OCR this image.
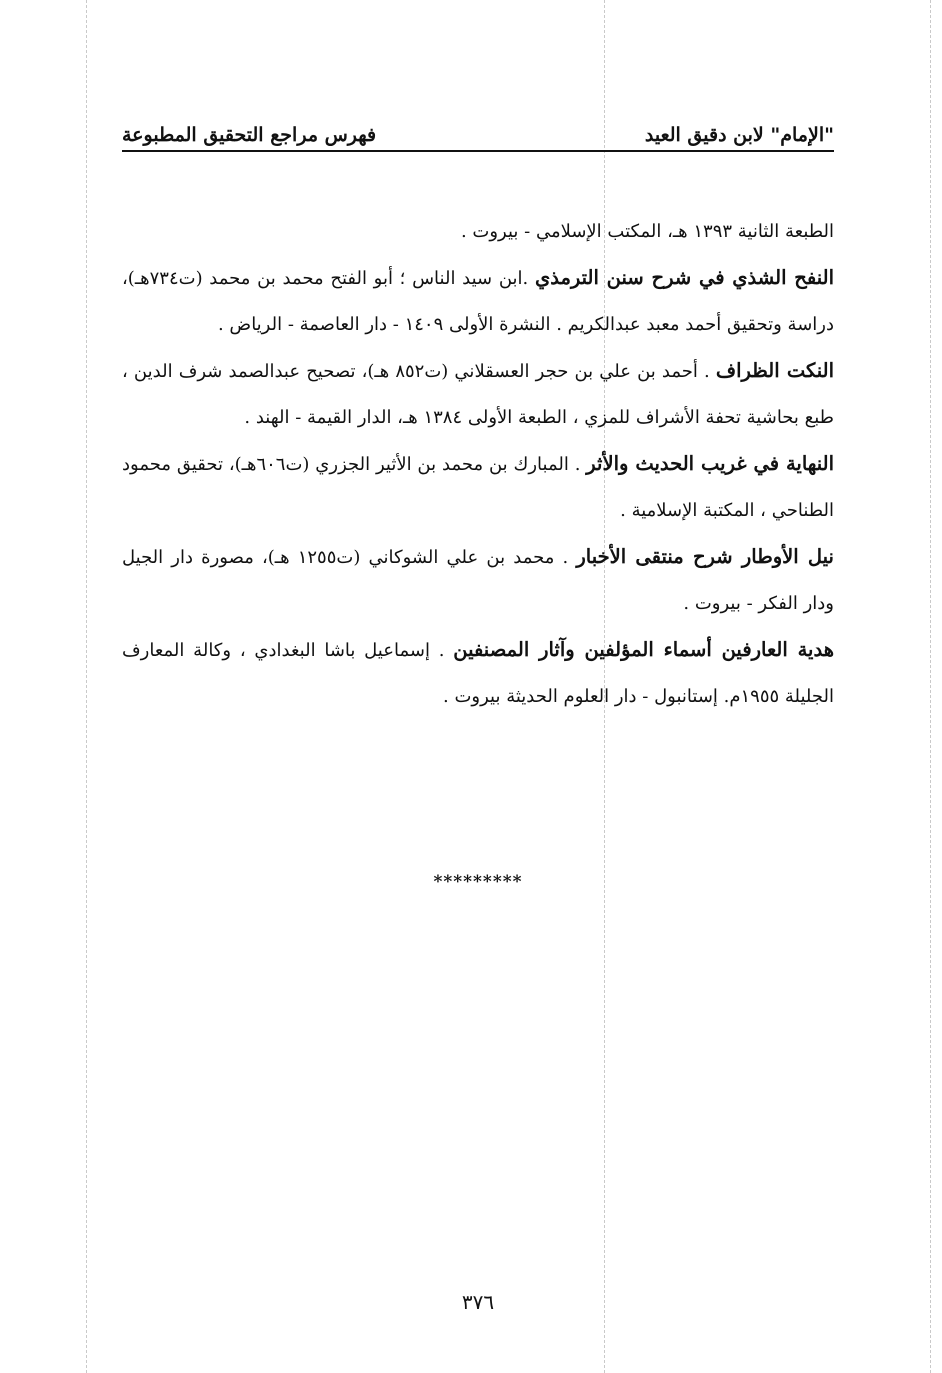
"الإمام" لابن دقيق العيد
فهرس مراجع التحقيق المطبوعة

الطبعة الثانية ١٣٩٣ هـ، المكتب الإسلامي - بيروت .

النفح الشذي في شرح سنن الترمذي .ابن سيد الناس ؛ أبو الفتح محمد بن محمد (ت٧٣٤هـ)، دراسة وتحقيق أحمد معبد عبدالكريم . النشرة الأولى ١٤٠٩ - دار العاصمة - الرياض .

النكت الظراف . أحمد بن علي بن حجر العسقلاني (ت٨٥٢ هـ)، تصحيح عبدالصمد شرف الدين ، طبع بحاشية تحفة الأشراف للمزي ، الطبعة الأولى ١٣٨٤ هـ، الدار القيمة - الهند .

النهاية في غريب الحديث والأثر . المبارك بن محمد بن الأثير الجزري (ت٦٠٦هـ)، تحقيق محمود الطناحي ، المكتبة الإسلامية .

نيل الأوطار شرح منتقى الأخبار . محمد بن علي الشوكاني (ت١٢٥٥ هـ)، مصورة دار الجيل ودار الفكر - بيروت .

هدية العارفين أسماء المؤلفين وآثار المصنفين . إسماعيل باشا البغدادي ، وكالة المعارف الجليلة ١٩٥٥م. إستانبول - دار العلوم الحديثة بيروت .

*********
٣٧٦
